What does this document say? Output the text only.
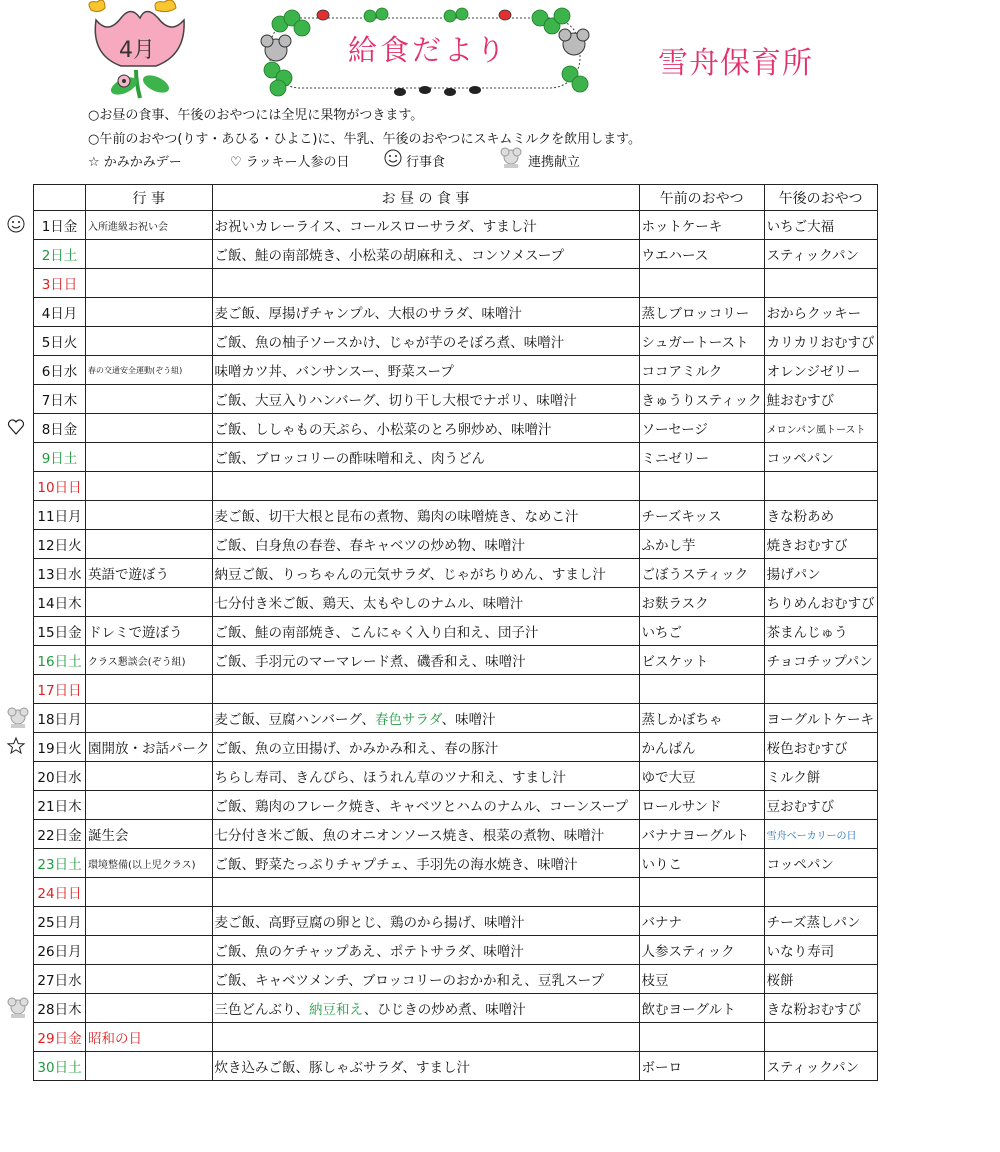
4月	給食だより	雪舟保育所
○お昼の食事、午後のおやつには全児に果物がつきます。
○午前のおやつ(りす・あひる・ひよこ)に、牛乳、午後のおやつにスキムミルクを飲用します。
☆ かみかみデー	♡ ラッキー人参の日	行事食	連携献立
	行 事	お 昼 の 食 事	午前のおやつ	午後のおやつ
1日金	入所進級お祝い会	お祝いカレーライス、コールスローサラダ、すまし汁	ホットケーキ	いちご大福
2日土		ご飯、鮭の南部焼き、小松菜の胡麻和え、コンソメスープ	ウエハース	スティックパン
3日日				
4日月		麦ご飯、厚揚げチャンプル、大根のサラダ、味噌汁	蒸しブロッコリー	おからクッキー
5日火		ご飯、魚の柚子ソースかけ、じゃが芋のそぼろ煮、味噌汁	シュガートースト	カリカリおむすび
6日水	春の交通安全運動(ぞう組)	味噌カツ丼、バンサンスー、野菜スープ	ココアミルク	オレンジゼリー
7日木		ご飯、大豆入りハンバーグ、切り干し大根でナポリ、味噌汁	きゅうりスティック	鮭おむすび
8日金		ご飯、ししゃもの天ぷら、小松菜のとろ卵炒め、味噌汁	ソーセージ	メロンパン風トースト
9日土		ご飯、ブロッコリーの酢味噌和え、肉うどん	ミニゼリー	コッペパン
10日日				
11日月		麦ご飯、切干大根と昆布の煮物、鶏肉の味噌焼き、なめこ汁	チーズキッス	きな粉あめ
12日火		ご飯、白身魚の春巻、春キャベツの炒め物、味噌汁	ふかし芋	焼きおむすび
13日水	英語で遊ぼう	納豆ご飯、りっちゃんの元気サラダ、じゃがちりめん、すまし汁	ごぼうスティック	揚げパン
14日木		七分付き米ご飯、鶏天、太もやしのナムル、味噌汁	お麩ラスク	ちりめんおむすび
15日金	ドレミで遊ぼう	ご飯、鮭の南部焼き、こんにゃく入り白和え、団子汁	いちご	茶まんじゅう
16日土	クラス懇談会(ぞう組)	ご飯、手羽元のマーマレード煮、磯香和え、味噌汁	ビスケット	チョコチップパン
17日日				
18日月		麦ご飯、豆腐ハンバーグ、春色サラダ、味噌汁	蒸しかぼちゃ	ヨーグルトケーキ
19日火	園開放・お話パーク	ご飯、魚の立田揚げ、かみかみ和え、春の豚汁	かんぱん	桜色おむすび
20日水		ちらし寿司、きんぴら、ほうれん草のツナ和え、すまし汁	ゆで大豆	ミルク餅
21日木		ご飯、鶏肉のフレーク焼き、キャベツとハムのナムル、コーンスープ	ロールサンド	豆おむすび
22日金	誕生会	七分付き米ご飯、魚のオニオンソース焼き、根菜の煮物、味噌汁	バナナヨーグルト	雪舟ベーカリーの日
23日土	環境整備(以上児クラス)	ご飯、野菜たっぷりチャプチェ、手羽先の海水焼き、味噌汁	いりこ	コッペパン
24日日				
25日月		麦ご飯、高野豆腐の卵とじ、鶏のから揚げ、味噌汁	バナナ	チーズ蒸しパン
26日月		ご飯、魚のケチャップあえ、ポテトサラダ、味噌汁	人参スティック	いなり寿司
27日水		ご飯、キャベツメンチ、ブロッコリーのおかか和え、豆乳スープ	枝豆	桜餅
28日木		三色どんぶり、納豆和え、ひじきの炒め煮、味噌汁	飲むヨーグルト	きな粉おむすび
29日金	昭和の日			
30日土		炊き込みご飯、豚しゃぶサラダ、すまし汁	ボーロ	スティックパン
